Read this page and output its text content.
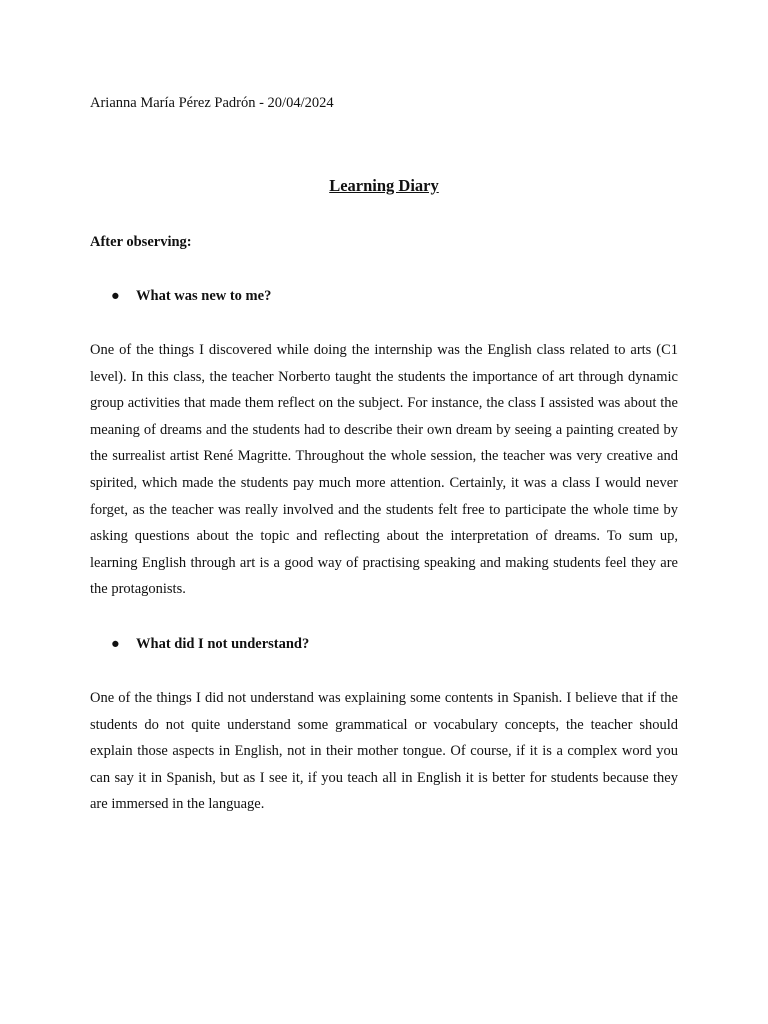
Arianna María Pérez Padrón - 20/04/2024
Learning Diary
After observing:
● What was new to me?
One of the things I discovered while doing the internship was the English class related to arts (C1 level). In this class, the teacher Norberto taught the students the importance of art through dynamic group activities that made them reflect on the subject. For instance, the class I assisted was about the meaning of dreams and the students had to describe their own dream by seeing a painting created by the surrealist artist René Magritte. Throughout the whole session, the teacher was very creative and spirited, which made the students pay much more attention. Certainly, it was a class I would never forget, as the teacher was really involved and the students felt free to participate the whole time by asking questions about the topic and reflecting about the interpretation of dreams. To sum up, learning English through art is a good way of practising speaking and making students feel they are the protagonists.
● What did I not understand?
One of the things I did not understand was explaining some contents in Spanish. I believe that if the students do not quite understand some grammatical or vocabulary concepts, the teacher should explain those aspects in English, not in their mother tongue. Of course, if it is a complex word you can say it in Spanish, but as I see it, if you teach all in English it is better for students because they are immersed in the language.
